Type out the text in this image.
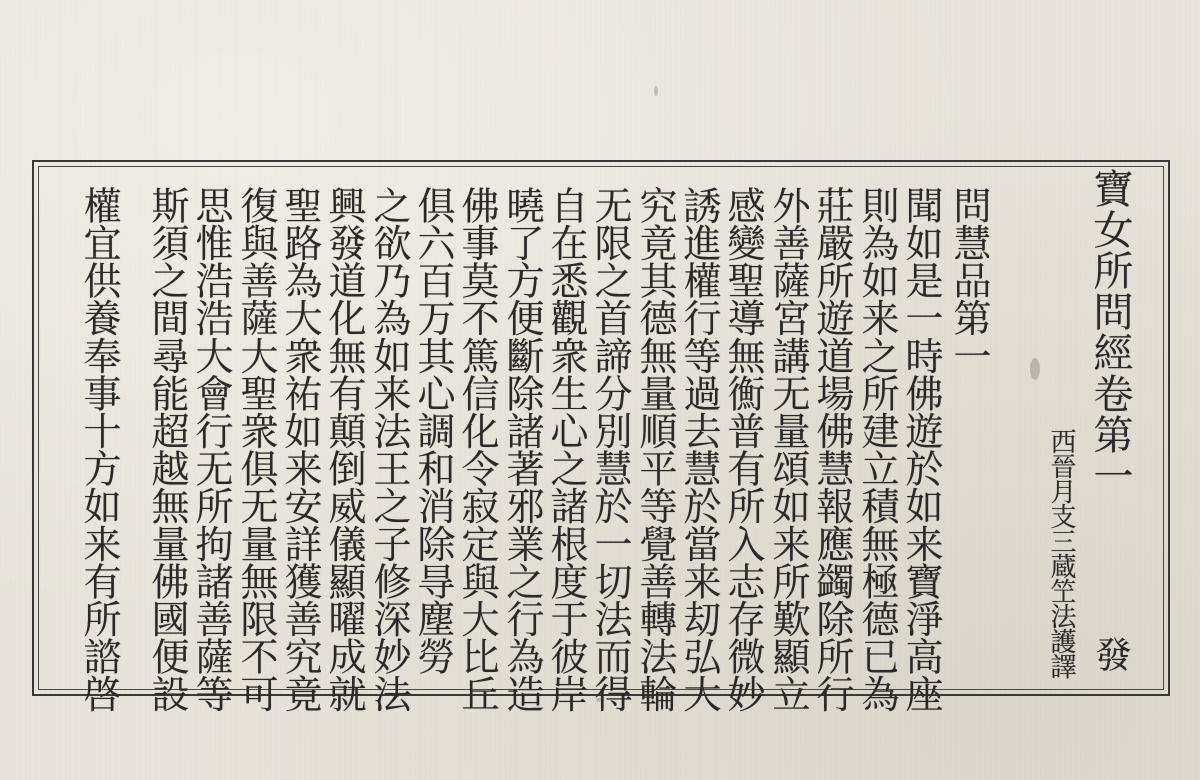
寶女所問經卷第一
發
西晉月支三蔵笁法護譯
問慧品第一
聞如是一時佛遊於如来寶淨高座
則為如来之所建立積無極德已為
莊嚴所遊道場佛慧報應蠲除所行
外善薩宮講无量頌如来所歎顯立
感變聖導無𢖍普有所入志存微妙
誘進權行等過去慧於當来刧弘大
究竟其德無量順平等覺善轉法輪
无限之首諦分別慧於一切法而得
自在悉觀衆生心之諸根度于彼岸
曉了方便斷除諸著邪業之行為造
佛事莫不篤信化令寂定與大比丘
俱六百万其心調和消除㝵塵勞
之欲乃為如来法王之子修深妙法
興發道化無有顛倒威儀顯曜成就
聖路為大衆祐如来安詳獲善究竟
復與善薩大聖衆俱无量無限不可
思惟浩浩大會行无所拘諸善薩等
斯須之間尋能超越無量佛國便設
權宜供養奉事十方如来有所諮啓
